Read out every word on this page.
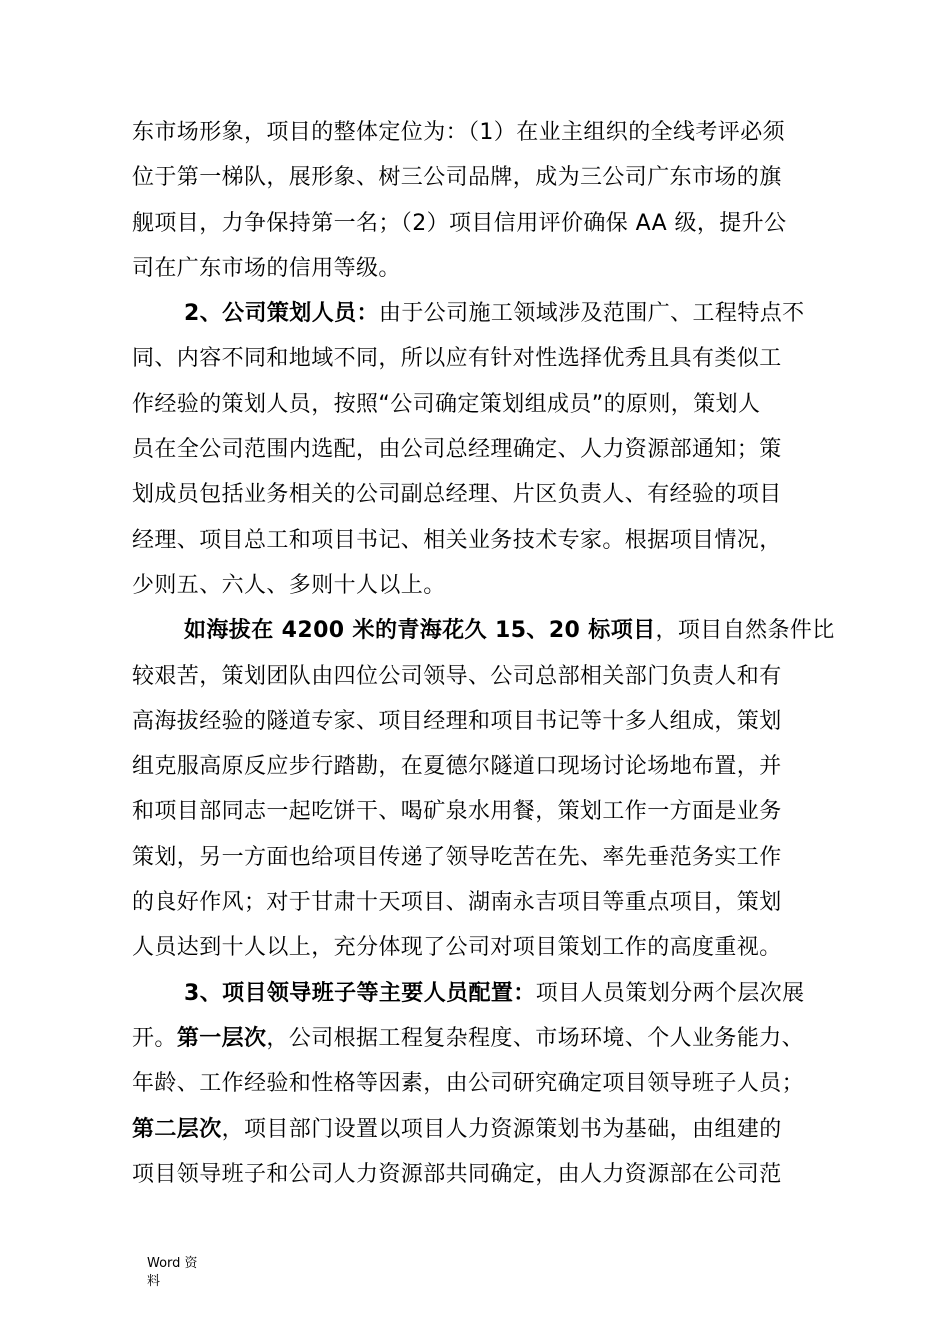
东市场形象，项目的整体定位为：（1）在业主组织的全线考评必须
位于第一梯队，展形象、树三公司品牌，成为三公司广东市场的旗
舰项目，力争保持第一名；（2）项目信用评价确保 AA 级，提升公
司在广东市场的信用等级。
2、公司策划人员：由于公司施工领域涉及范围广、工程特点不
同、内容不同和地域不同，所以应有针对性选择优秀且具有类似工
作经验的策划人员，按照“公司确定策划组成员”的原则，策划人
员在全公司范围内选配，由公司总经理确定、人力资源部通知；策
划成员包括业务相关的公司副总经理、片区负责人、有经验的项目
经理、项目总工和项目书记、相关业务技术专家。根据项目情况，
少则五、六人、多则十人以上。
如海拔在 4200 米的青海花久 15、20 标项目，项目自然条件比
较艰苦，策划团队由四位公司领导、公司总部相关部门负责人和有
高海拔经验的隧道专家、项目经理和项目书记等十多人组成，策划
组克服高原反应步行踏勘，在夏德尔隧道口现场讨论场地布置，并
和项目部同志一起吃饼干、喝矿泉水用餐，策划工作一方面是业务
策划，另一方面也给项目传递了领导吃苦在先、率先垂范务实工作
的良好作风；对于甘肃十天项目、湖南永吉项目等重点项目，策划
人员达到十人以上，充分体现了公司对项目策划工作的高度重视。
3、项目领导班子等主要人员配置：项目人员策划分两个层次展
开。第一层次，公司根据工程复杂程度、市场环境、个人业务能力、
年龄、工作经验和性格等因素，由公司研究确定项目领导班子人员；
第二层次，项目部门设置以项目人力资源策划书为基础，由组建的
项目领导班子和公司人力资源部共同确定，由人力资源部在公司范
Word 资
料
